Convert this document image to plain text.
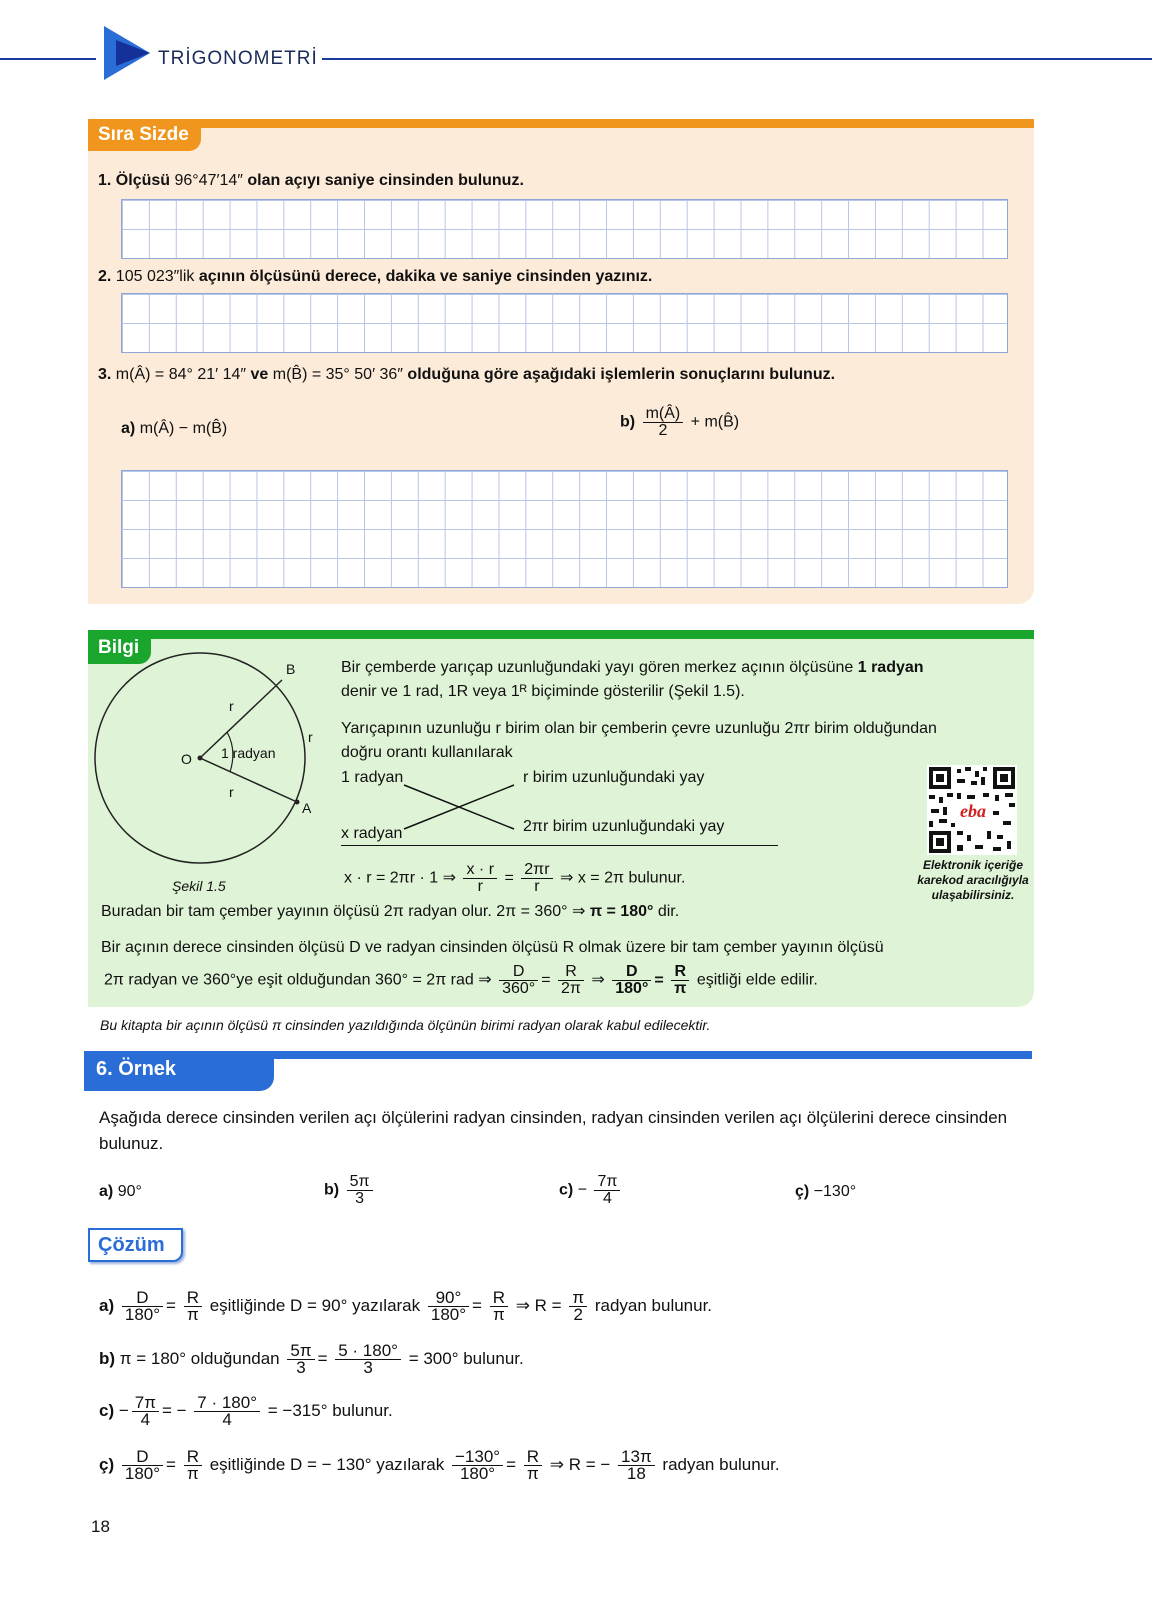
TRİGONOMETRİ
Sıra Sizde
1. Ölçüsü 96°47′14″ olan açıyı saniye cinsinden bulunuz.
2. 105 023″lik açının ölçüsünü derece, dakika ve saniye cinsinden yazınız.
3. m(Â) = 84° 21′ 14″ ve m(B̂) = 35° 50′ 36″ olduğuna göre aşağıdaki işlemlerin sonuçlarını bulunuz.
a) m(Â) − m(B̂)	$b) \frac{m(Â)}{2}$ + m(B̂)
Bilgi
B
r
r
O 1 radyan
r
A
Şekil 1.5
Bir çemberde yarıçap uzunluğundaki yayı gören merkez açının ölçüsüne 1 radyan
denir ve 1 rad, 1R veya 1ᴿ biçiminde gösterilir (Şekil 1.5).
Yarıçapının uzunluğu r birim olan bir çemberin çevre uzunluğu 2πr birim olduğundan
doğru orantı kullanılarak
1 radyan	r birim uzunluğundaki yay
x radyan	2πr birim uzunluğundaki yay
x · r = 2πr · 1 ⇒ $\frac{x \cdot r}{r} = \frac{2\pi r}{r}$ ⇒ x = 2π bulunur.
eba
Elektronik içeriğe karekod aracılığıyla ulaşabilirsiniz.
Buradan bir tam çember yayının ölçüsü 2π radyan olur. 2π = 360° ⇒ π = 180° dir.
Bir açının derece cinsinden ölçüsü D ve radyan cinsinden ölçüsü R olmak üzere bir tam çember yayının ölçüsü
2π radyan ve 360°ye eşit olduğundan 360° = 2π rad ⇒ $\frac{D}{360^\circ} = \frac{R}{2\pi}$ ⇒ $\frac{D}{180^\circ} = \frac{R}{\pi}$ eşitliği elde edilir.
Bu kitapta bir açının ölçüsü π cinsinden yazıldığında ölçünün birimi radyan olarak kabul edilecektir.
6. Örnek
Aşağıda derece cinsinden verilen açı ölçülerini radyan cinsinden, radyan cinsinden verilen açı ölçülerini derece cinsinden bulunuz.
a) 90°	$b) \frac{5\pi}{3}$	$c) - \frac{7\pi}{4}$	ç) −130°
Çözüm
$a) \frac{D}{180^\circ} = \frac{R}{\pi}$ eşitliğinde D = 90° yazılarak $\frac{90^\circ}{180^\circ} = \frac{R}{\pi}$ ⇒ $R = \frac{\pi}{2}$ radyan bulunur.
b) π = 180° olduğundan $\frac{5\pi}{3} = \frac{5 \cdot 180^\circ}{3} = 300^\circ$ bulunur.
$c) - \frac{7\pi}{4}$ = − $\frac{7 \cdot 180^\circ}{4} = -315^\circ$ bulunur.
ç) $\frac{D}{180^\circ} = \frac{R}{\pi}$ eşitliğinde D = − 130° yazılarak $\frac{-130^\circ}{180^\circ} = \frac{R}{\pi}$ ⇒ R = − $\frac{13\pi}{18}$ radyan bulunur.
18
